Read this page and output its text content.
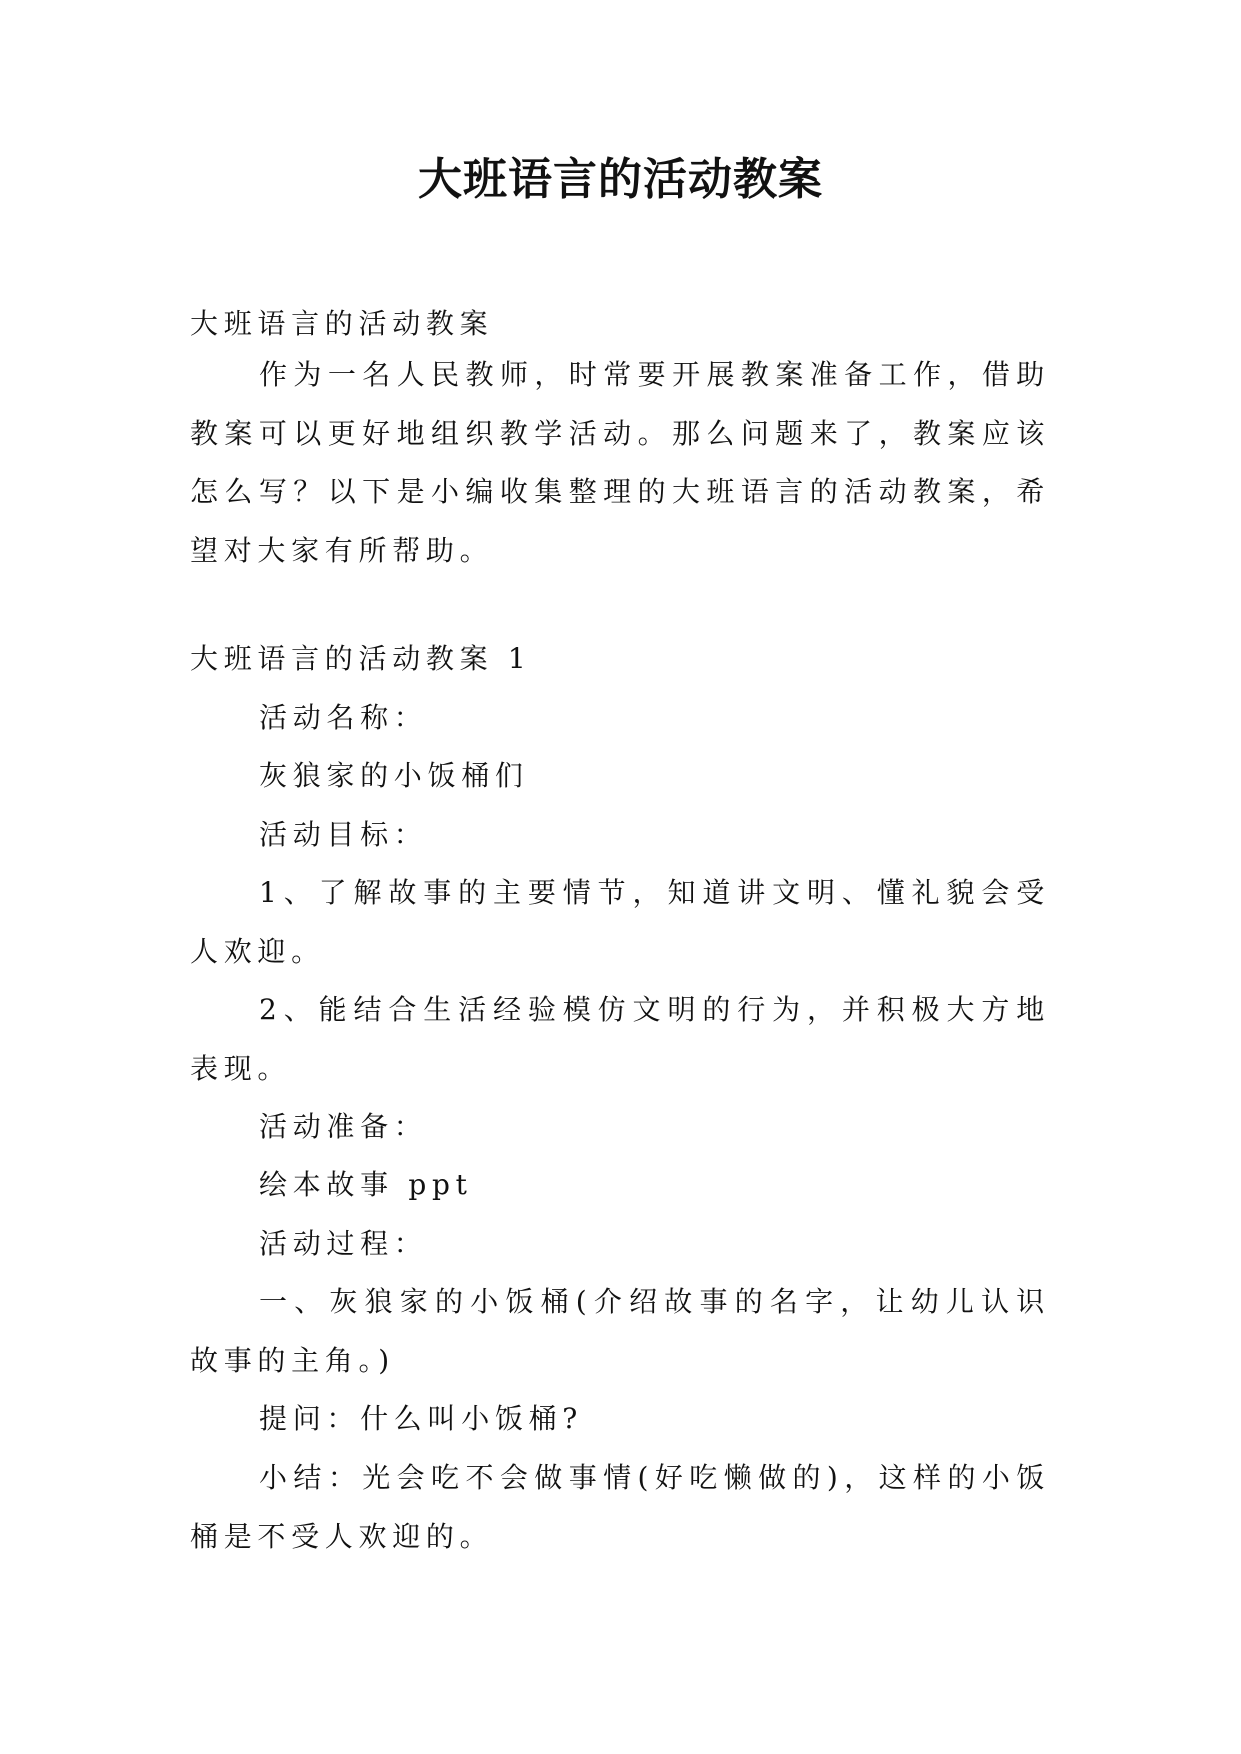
大班语言的活动教案

大班语言的活动教案

作为一名人民教师，时常要开展教案准备工作，借助教案可以更好地组织教学活动。那么问题来了，教案应该怎么写？以下是小编收集整理的大班语言的活动教案，希望对大家有所帮助。

大班语言的活动教案 1

活动名称：

灰狼家的小饭桶们

活动目标：

1、了解故事的主要情节，知道讲文明、懂礼貌会受人欢迎。

2、能结合生活经验模仿文明的行为，并积极大方地表现。

活动准备：

绘本故事 ppt

活动过程：

一、灰狼家的小饭桶(介绍故事的名字，让幼儿认识故事的主角。)

提问：什么叫小饭桶?

小结：光会吃不会做事情(好吃懒做的)，这样的小饭桶是不受人欢迎的。
